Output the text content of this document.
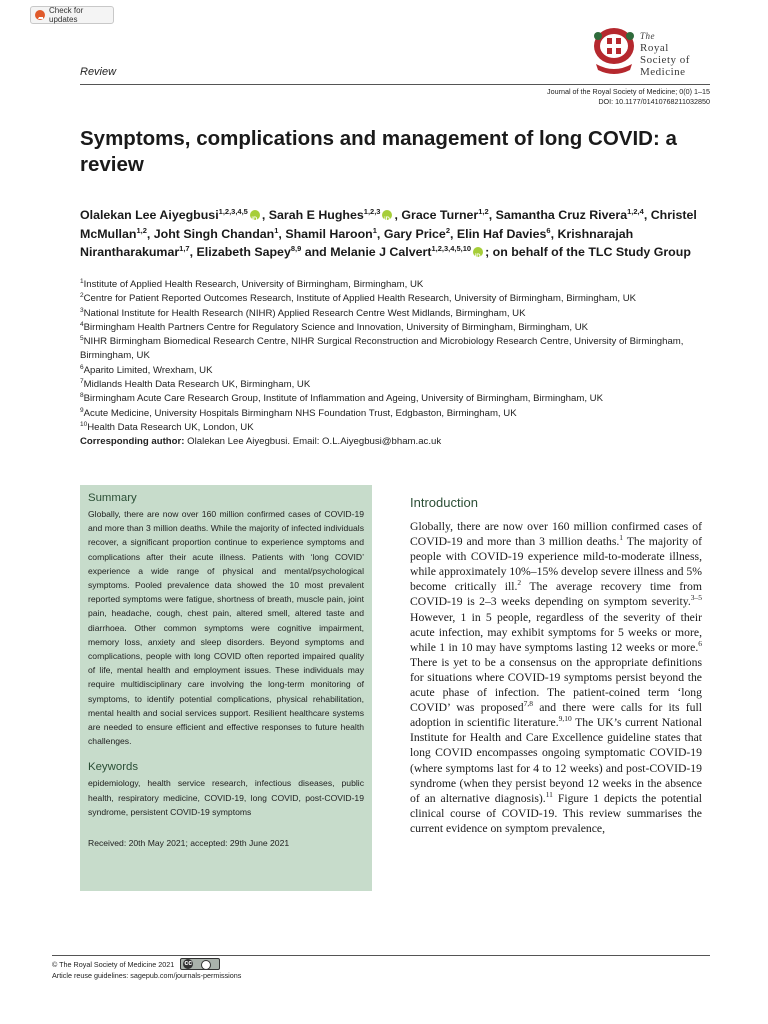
Check for updates
The
Royal
Society of
Medicine
Review
Journal of the Royal Society of Medicine; 0(0) 1–15
DOI: 10.1177/01410768211032850
Symptoms, complications and management of long COVID: a review
Olalekan Lee Aiyegbusi$^{1,2,3,4,5}$ iD , Sarah E Hughes$^{1,2,3}$ iD , Grace Turner$^{1,2}$, Samantha Cruz Rivera$^{1,2,4}$, Christel McMullan$^{1,2}$, Joht Singh Chandan$^1$, Shamil Haroon$^1$, Gary Price$^2$, Elin Haf Davies$^6$, Krishnarajah Nirantharakumar$^{1,7}$, Elizabeth Sapey$^{8,9}$ and Melanie J Calvert$^{1,2,3,4,5,10}$ iD ; on behalf of the TLC Study Group
$^1$Institute of Applied Health Research, University of Birmingham, Birmingham, UK
$^2$Centre for Patient Reported Outcomes Research, Institute of Applied Health Research, University of Birmingham, Birmingham, UK
$^3$National Institute for Health Research (NIHR) Applied Research Centre West Midlands, Birmingham, UK
$^4$Birmingham Health Partners Centre for Regulatory Science and Innovation, University of Birmingham, Birmingham, UK
$^5$NIHR Birmingham Biomedical Research Centre, NIHR Surgical Reconstruction and Microbiology Research Centre, University of Birmingham, Birmingham, UK
$^6$Aparito Limited, Wrexham, UK
$^7$Midlands Health Data Research UK, Birmingham, UK
$^8$Birmingham Acute Care Research Group, Institute of Inflammation and Ageing, University of Birmingham, Birmingham, UK
$^9$Acute Medicine, University Hospitals Birmingham NHS Foundation Trust, Edgbaston, Birmingham, UK
$^{10}$Health Data Research UK, London, UK
Corresponding author: Olalekan Lee Aiyegbusi. Email: O.L.Aiyegbusi@bham.ac.uk
Summary
Globally, there are now over 160 million confirmed cases of COVID-19 and more than 3 million deaths. While the majority of infected individuals recover, a significant proportion continue to experience symptoms and complications after their acute illness. Patients with ‘long COVID’ experience a wide range of physical and mental/psychological symptoms. Pooled prevalence data showed the 10 most prevalent reported symptoms were fatigue, shortness of breath, muscle pain, joint pain, headache, cough, chest pain, altered smell, altered taste and diarrhoea. Other common symptoms were cognitive impairment, memory loss, anxiety and sleep disorders. Beyond symptoms and complications, people with long COVID often reported impaired quality of life, mental health and employment issues. These individuals may require multidisciplinary care involving the long-term monitoring of symptoms, to identify potential complications, physical rehabilitation, mental health and social services support. Resilient healthcare systems are needed to ensure efficient and effective responses to future health challenges.
Keywords
epidemiology, health service research, infectious diseases, public health, respiratory medicine, COVID-19, long COVID, post-COVID-19 syndrome, persistent COVID-19 symptoms
Received: 20th May 2021; accepted: 29th June 2021
Introduction
Globally, there are now over 160 million confirmed cases of COVID-19 and more than 3 million deaths.$^1$ The majority of people with COVID-19 experience mild-to-moderate illness, while approximately 10%–15% develop severe illness and 5% become critically ill.$^2$ The average recovery time from COVID-19 is 2–3 weeks depending on symptom severity.$^{3-5}$ However, 1 in 5 people, regardless of the severity of their acute infection, may exhibit symptoms for 5 weeks or more, while 1 in 10 may have symptoms lasting 12 weeks or more.$^6$ There is yet to be a consensus on the appropriate definitions for situations where COVID-19 symptoms persist beyond the acute phase of infection. The patient-coined term ‘long COVID’ was proposed$^{7,8}$ and there were calls for its full adoption in scientific literature.$^{9,10}$ The UK’s current National Institute for Health and Care Excellence guideline states that long COVID encompasses ongoing symptomatic COVID-19 (where symptoms last for 4 to 12 weeks) and post-COVID-19 syndrome (when they persist beyond 12 weeks in the absence of an alternative diagnosis).$^{11}$ Figure 1 depicts the potential clinical course of COVID-19. This review summarises the current evidence on symptom prevalence,
© The Royal Society of Medicine 2021 cc
Article reuse guidelines: sagepub.com/journals-permissions
